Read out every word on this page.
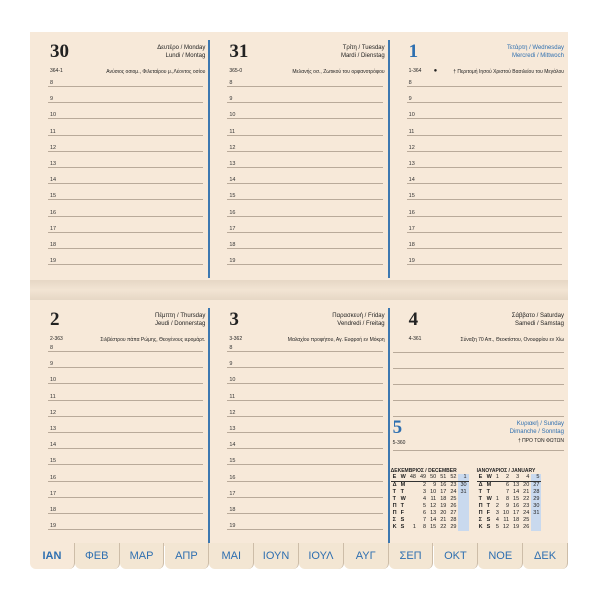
30
364-1
Δευτέρο / Monday
Lundi / Montag
Ανύσιος οσιομ., Φιλεταίρου μ.,Λέοντος οσίου
8
9
10
11
12
13
14
15
16
17
18
19
31
365-0
Τρίτη / Tuesday
Mardi / Dienstag
Μελανής οσ., Ζωτικού του ορφανοτρόφου
8
9
10
11
12
13
14
15
16
17
18
19
1
1-364 ●
Τετάρτη / Wednesday
Mercredi / Mittwoch
† Περιτομή Ιησού Χριστού Βασιλείου του Μεγάλου
8
9
10
11
12
13
14
15
16
17
18
19
2
2-363
Πέμπτη / Thursday
Jeudi / Donnerstag
Σιλβέστρου πάπα Ρώμης, Θεογένους ιερομάρτ.
8
9
10
11
12
13
14
15
16
17
18
19
3
3-362
Παρασκευή / Friday
Vendredi / Freitag
Μαλαχίου προφήτου, Αγ. Ευφροή εν Μόκρη
8
9
10
11
12
13
14
15
16
17
18
19
4
4-361
Σάββατο / Saturday
Samedi / Samstag
Σύναξη 70 Απ., Θεοκτίστου, Ονουφρίου εν Χίω
5
5-360
Κυριακή / Sunday
Dimanche / Sonntag
† ΠΡΟ ΤΩΝ ΦΩΤΩΝ
ΔΕΚΕΜΒΡΙΟΣ / DECEMBER
E	W	48	49	50	51	52	1
Δ	M		2	9	16	23	30
Τ	T		3	10	17	24	31
Τ	W		4	11	18	25	
Π	T		5	12	19	26	
Π	F		6	13	20	27	
Σ	S		7	14	21	28	
Κ	S	1	8	15	22	29	
ΙΑΝΟΥΑΡΙΟΣ / JANUARY
E	W	1	2	3	4	5
Δ	M		6	13	20	27
Τ	T		7	14	21	28
Τ	W	1	8	15	22	29
Π	T	2	9	16	23	30
Π	F	3	10	17	24	31
Σ	S	4	11	18	25	
Κ	S	5	12	19	26	
ΙΑΝ	ΦΕΒ	ΜΑΡ	ΑΠΡ	ΜΑΙ	ΙΟΥΝ	ΙΟΥΛ	ΑΥΓ	ΣΕΠ	ΟΚΤ	ΝΟΕ	ΔΕΚ
